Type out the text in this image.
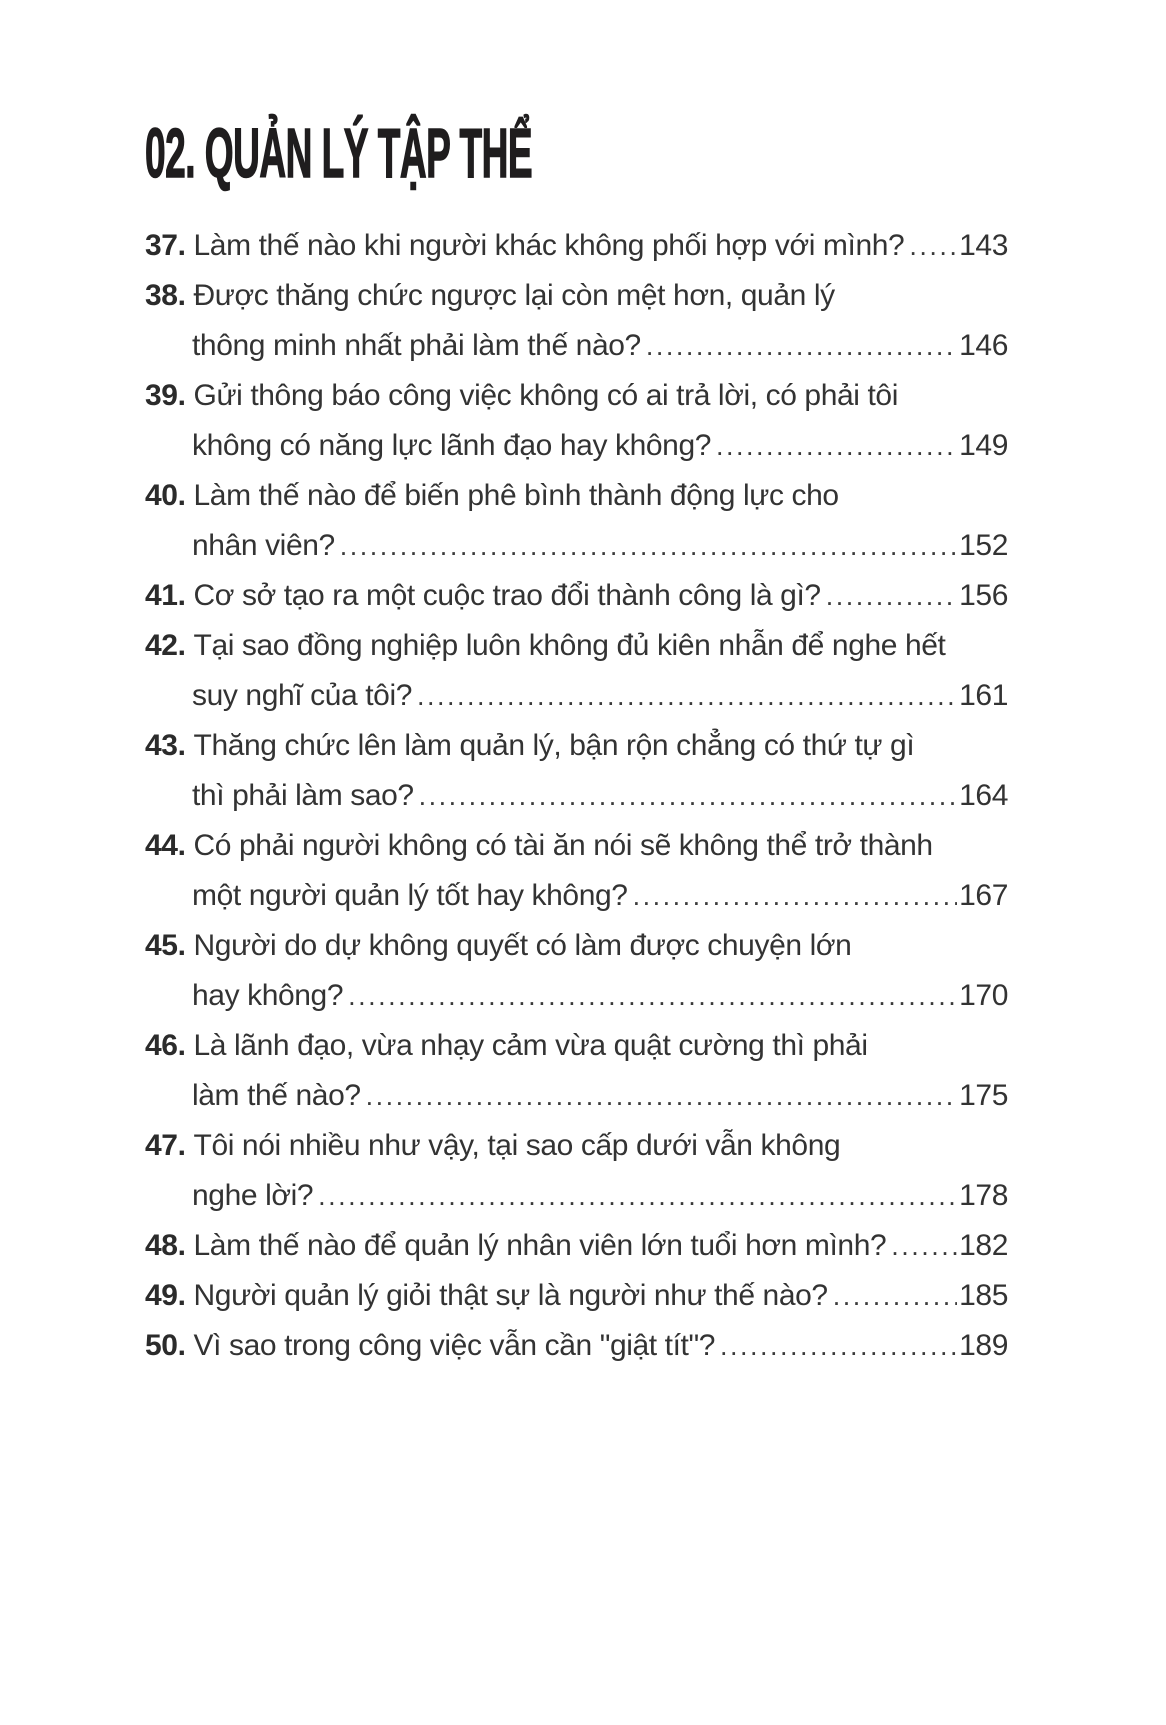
02. QUẢN LÝ TẬP THỂ
37. Làm thế nào khi người khác không phối hợp với mình? ..... 143
38. Được thăng chức ngược lại còn mệt hơn, quản lý
thông minh nhất phải làm thế nào? .....	146
39. Gửi thông báo công việc không có ai trả lời, có phải tôi
không có năng lực lãnh đạo hay không? .....	149
40. Làm thế nào để biến phê bình thành động lực cho
nhân viên? .....	152
41. Cơ sở tạo ra một cuộc trao đổi thành công là gì? .....	156
42. Tại sao đồng nghiệp luôn không đủ kiên nhẫn để nghe hết
suy nghĩ của tôi? .....	161
43. Thăng chức lên làm quản lý, bận rộn chẳng có thứ tự gì
thì phải làm sao? .....	164
44. Có phải người không có tài ăn nói sẽ không thể trở thành
một người quản lý tốt hay không? .....	167
45. Người do dự không quyết có làm được chuyện lớn
hay không? .....	170
46. Là lãnh đạo, vừa nhạy cảm vừa quật cường thì phải
làm thế nào? .....	175
47. Tôi nói nhiều như vậy, tại sao cấp dưới vẫn không
nghe lời? .....	178
48. Làm thế nào để quản lý nhân viên lớn tuổi hơn mình? ..... 182
49. Người quản lý giỏi thật sự là người như thế nào? .....	185
50. Vì sao trong công việc vẫn cần "giật tít"? .....	189
